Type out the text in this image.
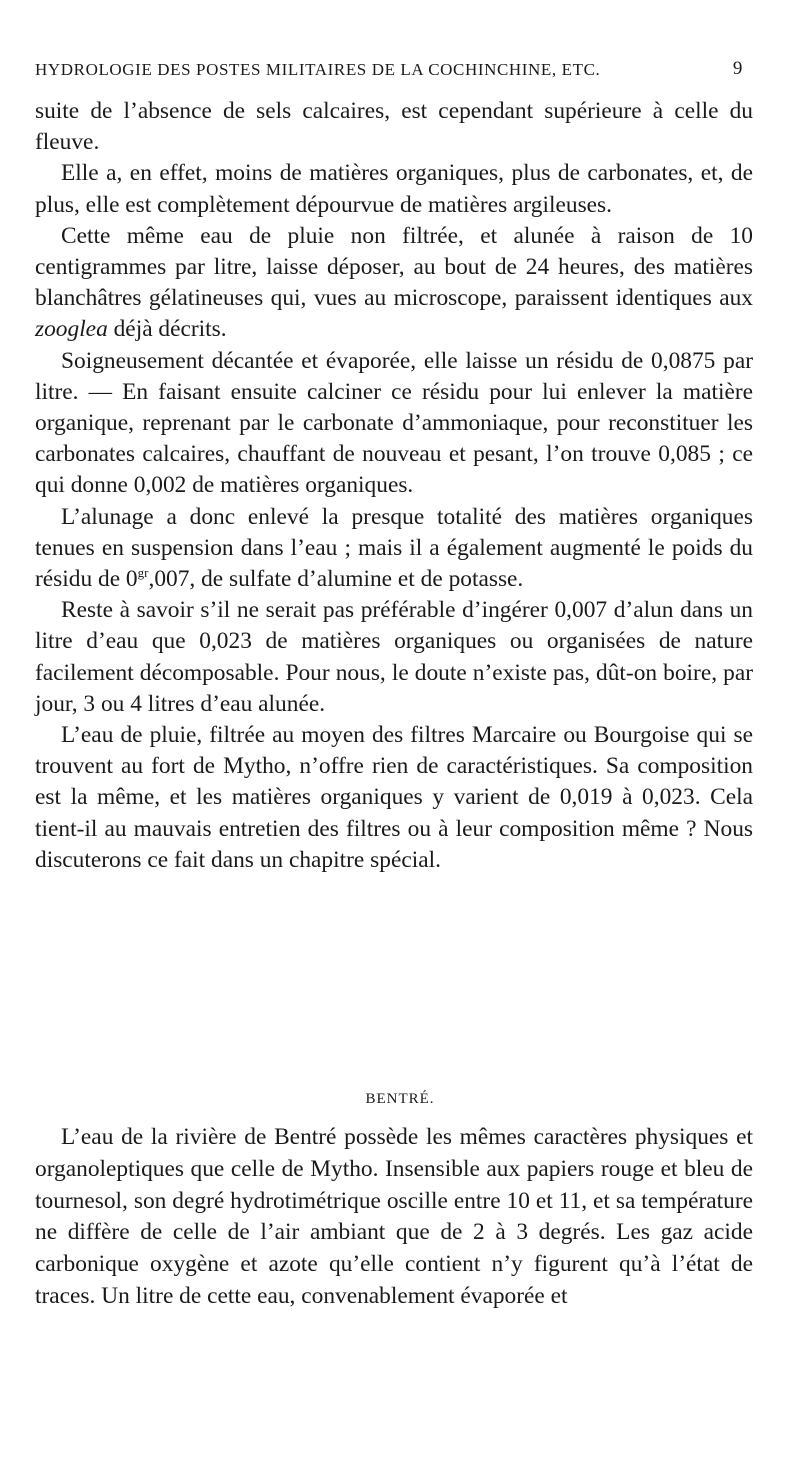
HYDROLOGIE DES POSTES MILITAIRES DE LA COCHINCHINE, ETC.	9

suite de l’absence de sels calcaires, est cependant supérieure à celle du fleuve.

Elle a, en effet, moins de matières organiques, plus de carbonates, et, de plus, elle est complètement dépourvue de matières argileuses.

Cette même eau de pluie non filtrée, et alunée à raison de 10 centigrammes par litre, laisse déposer, au bout de 24 heures, des matières blanchâtres gélatineuses qui, vues au microscope, paraissent identiques aux zooglea déjà décrits.

Soigneusement décantée et évaporée, elle laisse un résidu de 0,0875 par litre. — En faisant ensuite calciner ce résidu pour lui enlever la matière organique, reprenant par le carbonate d’ammoniaque, pour reconstituer les carbonates calcaires, chauffant de nouveau et pesant, l’on trouve 0,085 ; ce qui donne 0,002 de matières organiques.

L’alunage a donc enlevé la presque totalité des matières organiques tenues en suspension dans l’eau ; mais il a également augmenté le poids du résidu de $0^{gr},007$, de sulfate d’alumine et de potasse.

Reste à savoir s’il ne serait pas préférable d’ingérer 0,007 d’alun dans un litre d’eau que 0,023 de matières organiques ou organisées de nature facilement décomposable. Pour nous, le doute n’existe pas, dût-on boire, par jour, 3 ou 4 litres d’eau alunée.

L’eau de pluie, filtrée au moyen des filtres Marcaire ou Bourgoise qui se trouvent au fort de Mytho, n’offre rien de caractéristiques. Sa composition est la même, et les matières organiques y varient de 0,019 à 0,023. Cela tient-il au mauvais entretien des filtres ou à leur composition même ? Nous discuterons ce fait dans un chapitre spécial.

BENTRÉ.

L’eau de la rivière de Bentré possède les mêmes caractères physiques et organoleptiques que celle de Mytho. Insensible aux papiers rouge et bleu de tournesol, son degré hydrotimétrique oscille entre 10 et 11, et sa température ne diffère de celle de l’air ambiant que de 2 à 3 degrés. Les gaz acide carbonique oxygène et azote qu’elle contient n’y figurent qu’à l’état de traces. Un litre de cette eau, convenablement évaporée et
